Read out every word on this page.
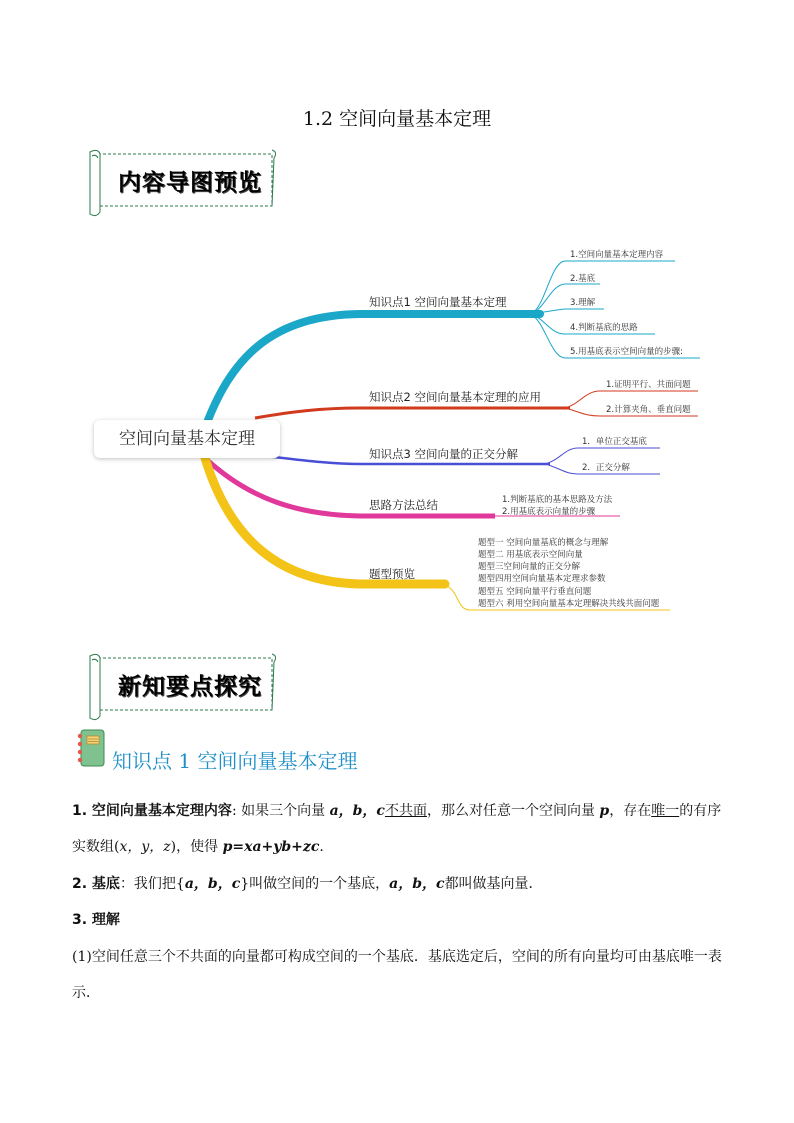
1.2 空间向量基本定理
内容导图预览
空间向量基本定理
知识点1 空间向量基本定理
1.空间向量基本定理内容
2.基底
3.理解
4.判断基底的思路
5.用基底表示空间向量的步骤:
知识点2 空间向量基本定理的应用
1.证明平行、共面问题
2.计算夹角、垂直问题
知识点3 空间向量的正交分解
1．单位正交基底
2．正交分解
思路方法总结	1.判断基底的基本思路及方法
2.用基底表示向量的步骤
题型预览
题型一 空间向量基底的概念与理解
题型二 用基底表示空间向量
题型三空间向量的正交分解
题型四用空间向量基本定理求参数
题型五 空间向量平行垂直问题
题型六 利用空间向量基本定理解决共线共面问题
新知要点探究
知识点 1 空间向量基本定理
1. 空间向量基本定理内容: 如果三个向量 a，b，c不共面，那么对任意一个空间向量 p，存在唯一的有序实数组(x，y，z)，使得 p=xa+yb+zc.
2. 基底：我们把{a，b，c}叫做空间的一个基底，a，b，c都叫做基向量．
3. 理解
(1)空间任意三个不共面的向量都可构成空间的一个基底．基底选定后，空间的所有向量均可由基底唯一表示．
